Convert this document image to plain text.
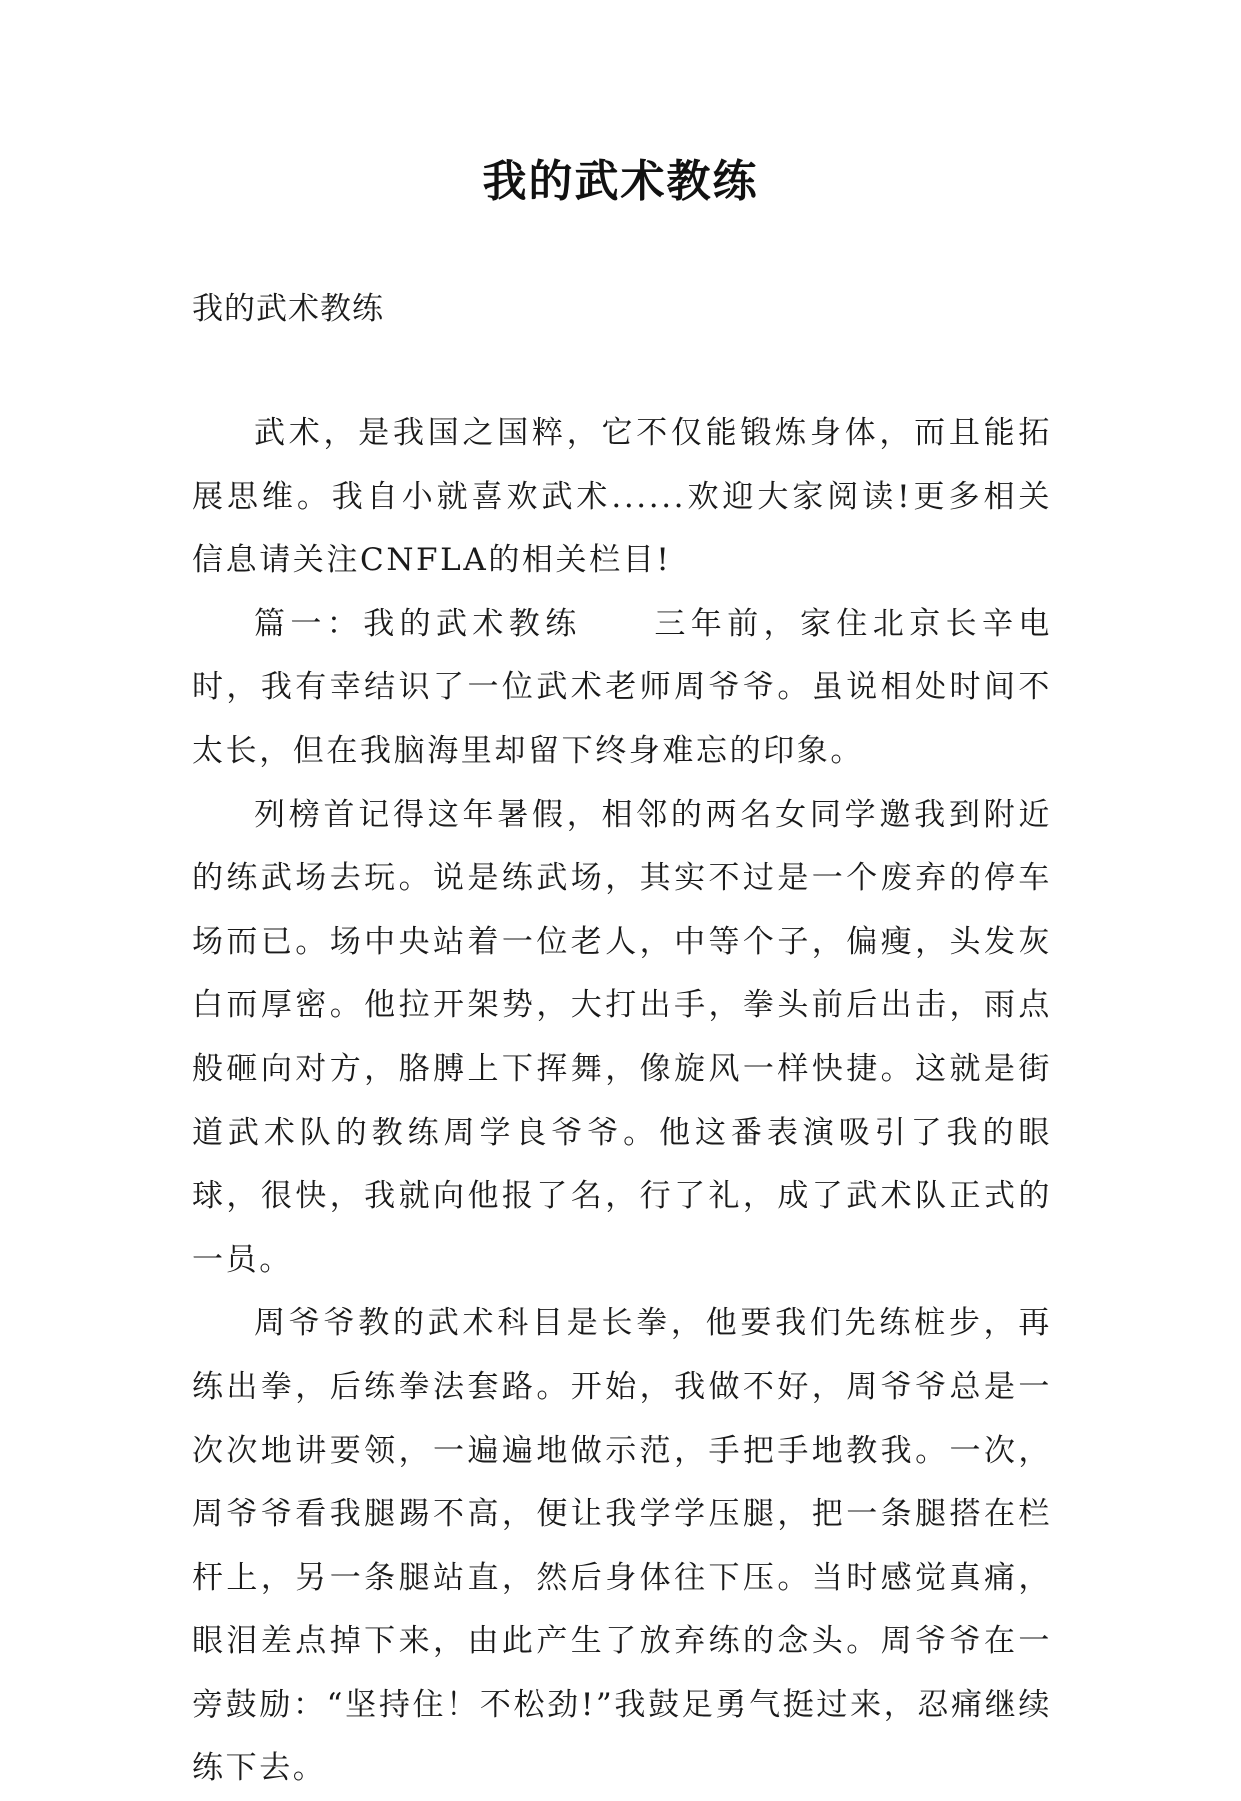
我的武术教练
我的武术教练

武术，是我国之国粹，它不仅能锻炼身体，而且能拓展思维。我自小就喜欢武术......欢迎大家阅读!更多相关信息请关注CNFLA的相关栏目!

篇一：我的武术教练　　三年前，家住北京长辛电时，我有幸结识了一位武术老师周爷爷。虽说相处时间不太长，但在我脑海里却留下终身难忘的印象。

列榜首记得这年暑假，相邻的两名女同学邀我到附近的练武场去玩。说是练武场，其实不过是一个废弃的停车场而已。场中央站着一位老人，中等个子，偏瘦，头发灰白而厚密。他拉开架势，大打出手，拳头前后出击，雨点般砸向对方，胳膊上下挥舞，像旋风一样快捷。这就是街道武术队的教练周学良爷爷。他这番表演吸引了我的眼球，很快，我就向他报了名，行了礼，成了武术队正式的一员。

周爷爷教的武术科目是长拳，他要我们先练桩步，再练出拳，后练拳法套路。开始，我做不好，周爷爷总是一次次地讲要领，一遍遍地做示范，手把手地教我。一次，周爷爷看我腿踢不高，便让我学学压腿，把一条腿搭在栏杆上，另一条腿站直，然后身体往下压。当时感觉真痛，眼泪差点掉下来，由此产生了放弃练的念头。周爷爷在一旁鼓励：“坚持住！不松劲!”我鼓足勇气挺过来，忍痛继续练下去。
